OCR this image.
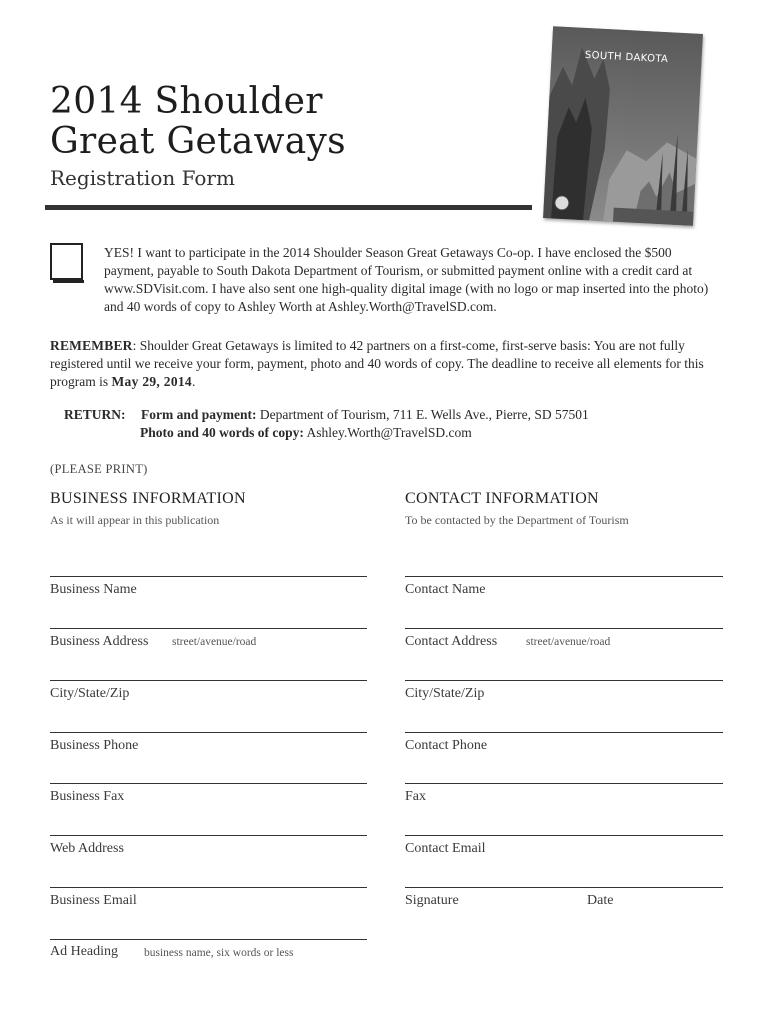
2014 Shoulder
Great Getaways
Registration Form
SOUTH DAKOTA
YES! I want to participate in the 2014 Shoulder Season Great Getaways Co-op. I have enclosed the $500 payment, payable to South Dakota Department of Tourism, or submitted payment online with a credit card at www.SDVisit.com. I have also sent one high-quality digital image (with no logo or map inserted into the photo) and 40 words of copy to Ashley Worth at Ashley.Worth@TravelSD.com.
REMEMBER: Shoulder Great Getaways is limited to 42 partners on a first-come, first-serve basis: You are not fully registered until we receive your form, payment, photo and 40 words of copy. The deadline to receive all elements for this program is May 29, 2014.
RETURN: Form and payment: Department of Tourism, 711 E. Wells Ave., Pierre, SD 57501
Photo and 40 words of copy: Ashley.Worth@TravelSD.com
(PLEASE PRINT)
BUSINESS INFORMATION
As it will appear in this publication
CONTACT INFORMATION
To be contacted by the Department of Tourism
Business Name
Business Address street/avenue/road
City/State/Zip
Business Phone
Business Fax
Web Address
Business Email
Ad Heading business name, six words or less
Contact Name
Contact Address	street/avenue/road
City/State/Zip
Contact Phone
Fax
Contact Email
Signature	Date
